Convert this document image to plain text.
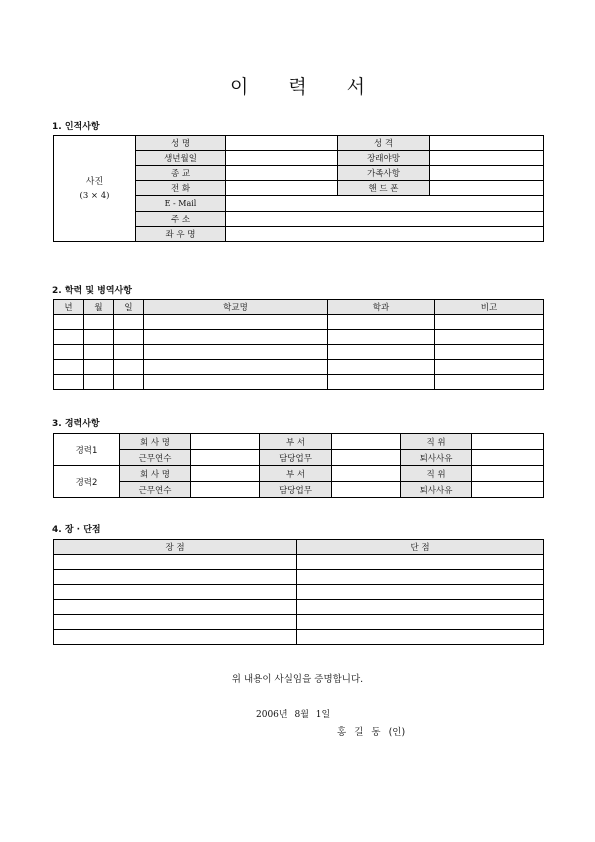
이 력 서
1. 인적사항
사진
(3 × 4)	성 명		성 격	
	생년월일		장래야망	
	종 교		가족사항	
	전 화		핸 드 폰	
	E - Mail			
	주 소			
	좌 우 명			
2. 학력 및 병역사항
년	월	일	학교명	학과	비고

3. 경력사항
경력1	회 사 명		부 서		직 위	
	근무연수		담당업무		퇴사사유	
경력2	회 사 명		부 서		직 위	
	근무연수		담당업무		퇴사사유	
4. 장 · 단점
장 점	단 점

위 내용이 사실임을 증명합니다.
2006년 8월 1일
홍 길 동 (인)
